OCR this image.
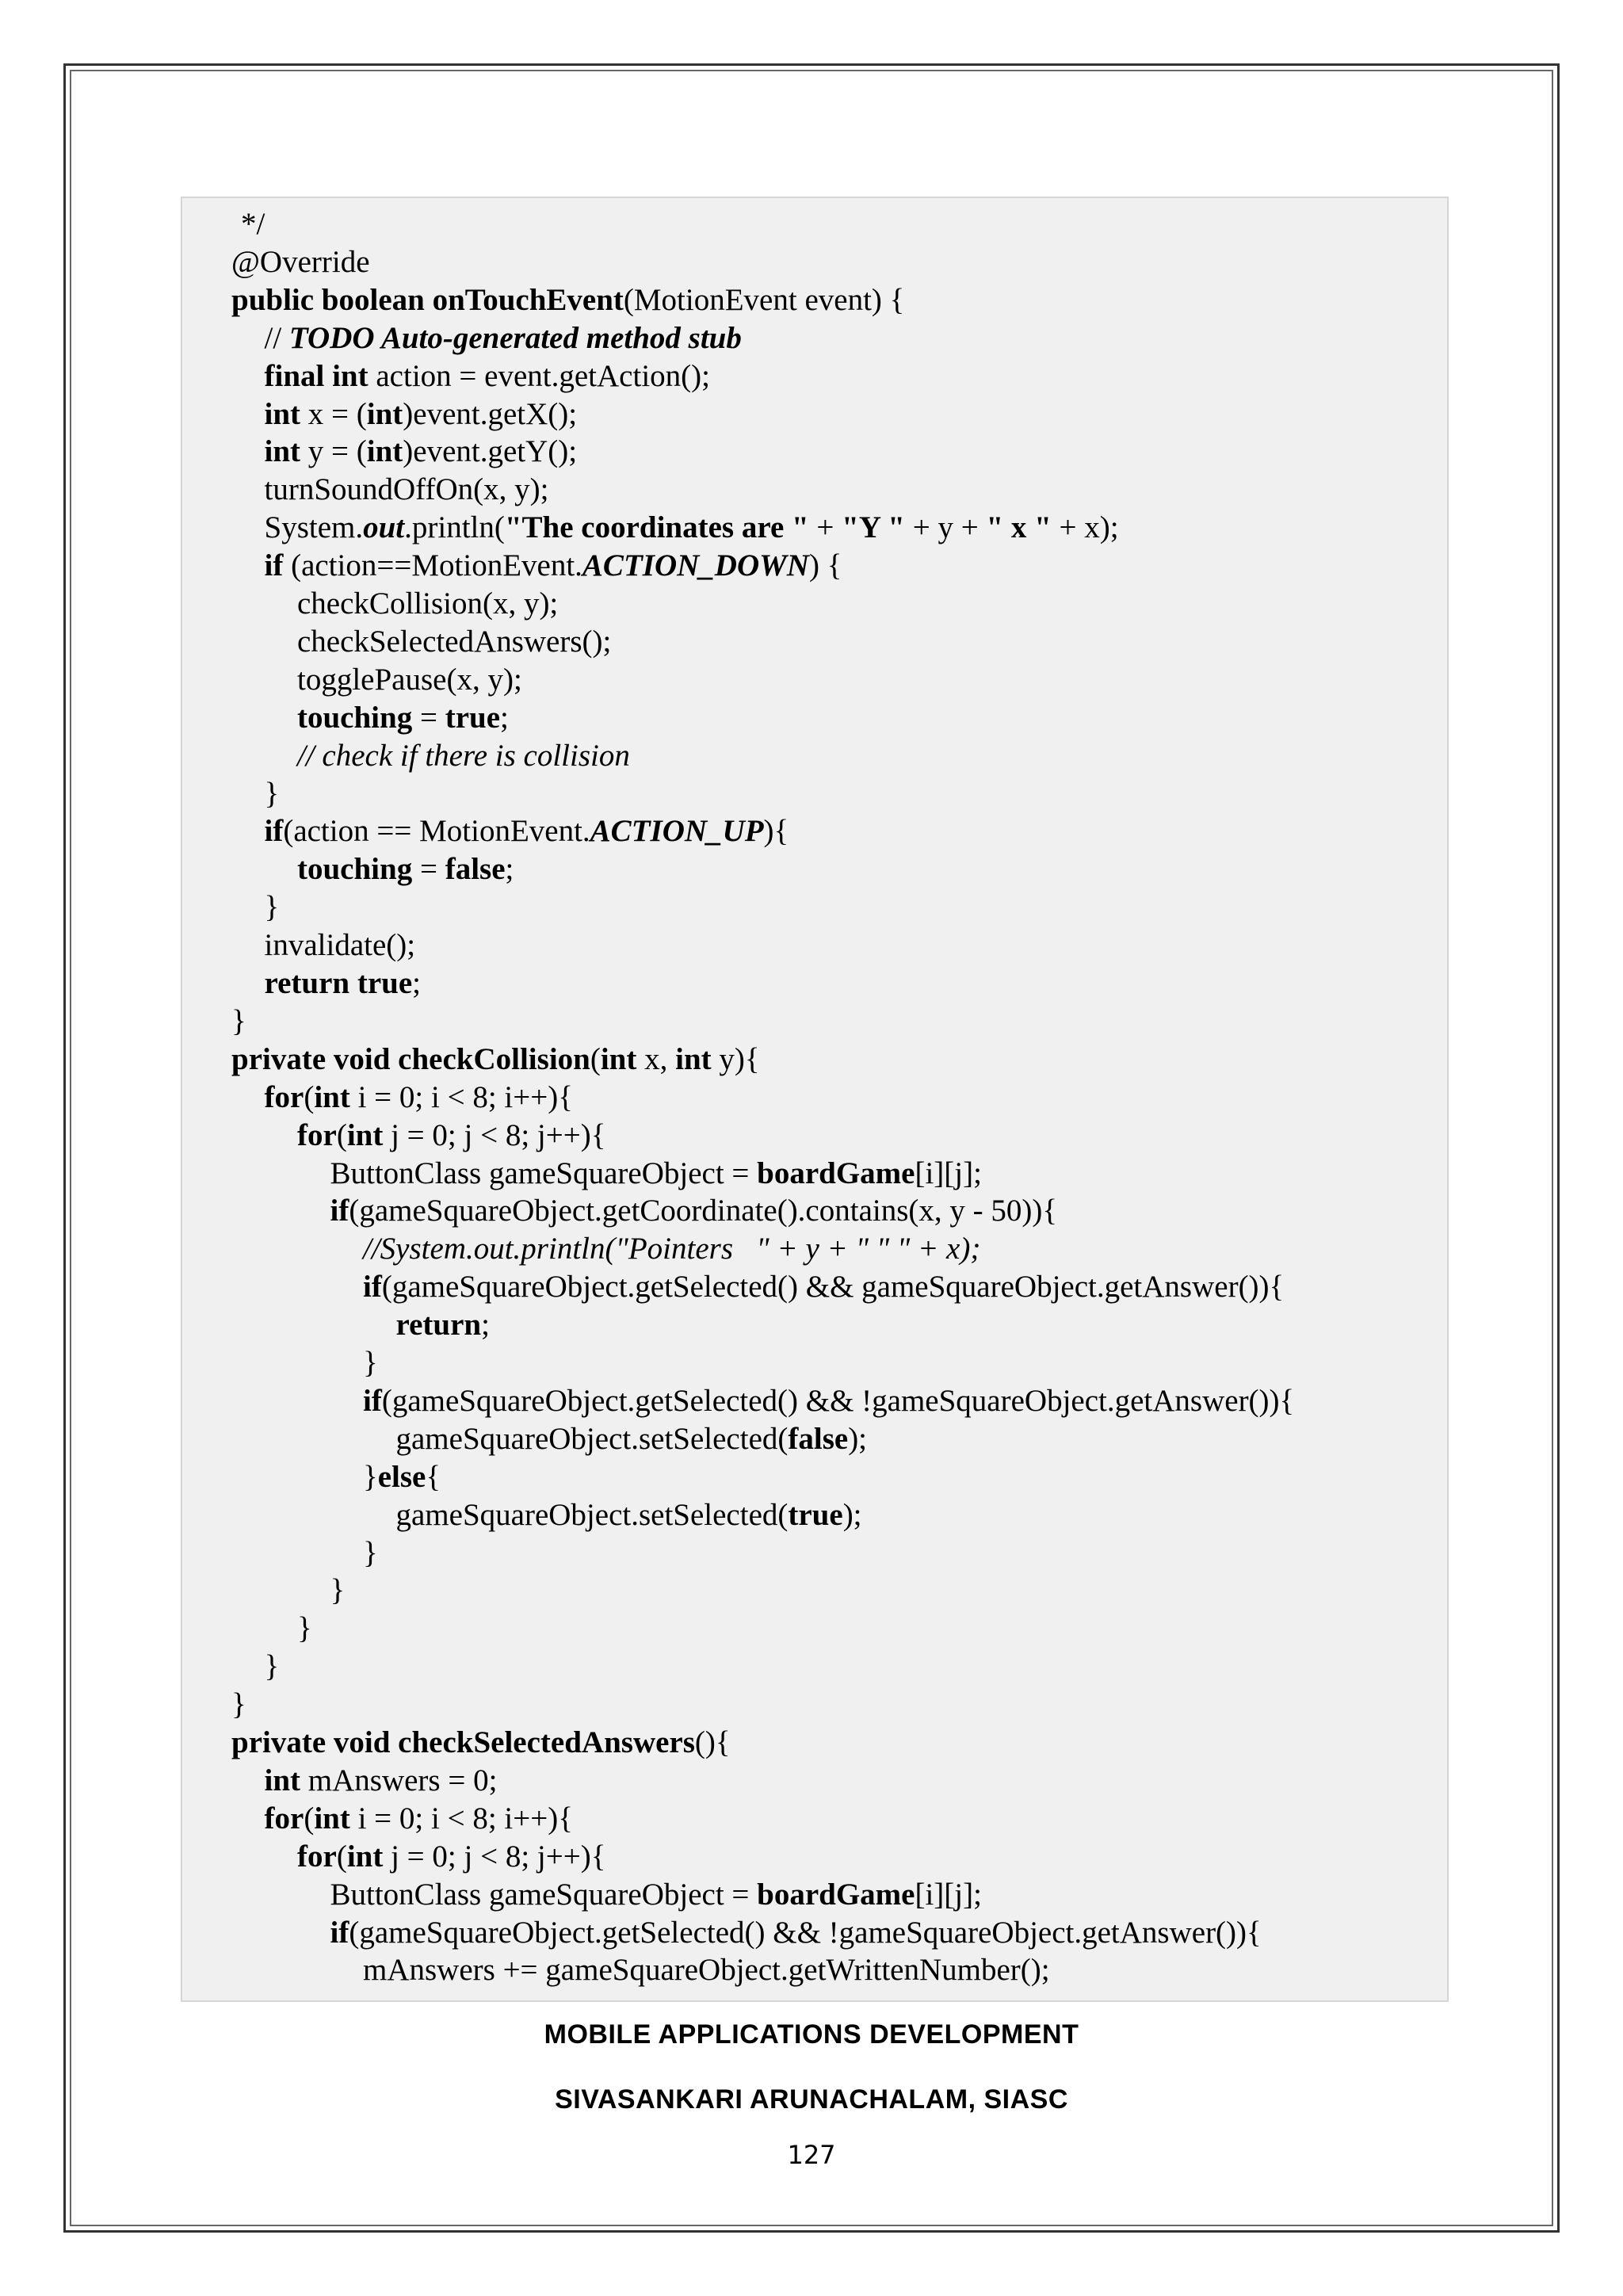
*/
@Override
public boolean onTouchEvent(MotionEvent event) {
// TODO Auto-generated method stub
final int action = event.getAction();
int x = (int)event.getX();
int y = (int)event.getY();
turnSoundOffOn(x, y);
System.out.println("The coordinates are " + "Y " + y + " x " + x);
if (action==MotionEvent.ACTION_DOWN) {
checkCollision(x, y);
checkSelectedAnswers();
togglePause(x, y);
touching = true;
// check if there is collision
}
if(action == MotionEvent.ACTION_UP){
touching = false;
}
invalidate();
return true;
}
private void checkCollision(int x, int y){
for(int i = 0; i < 8; i++){
for(int j = 0; j < 8; j++){
ButtonClass gameSquareObject = boardGame[i][j];
if(gameSquareObject.getCoordinate().contains(x, y - 50)){
//System.out.println("Pointers   " + y + " " " + x);
if(gameSquareObject.getSelected() && gameSquareObject.getAnswer()){
return;
}
if(gameSquareObject.getSelected() && !gameSquareObject.getAnswer()){
gameSquareObject.setSelected(false);
}else{
gameSquareObject.setSelected(true);
}
}
}
}
}
private void checkSelectedAnswers(){
int mAnswers = 0;
for(int i = 0; i < 8; i++){
for(int j = 0; j < 8; j++){
ButtonClass gameSquareObject = boardGame[i][j];
if(gameSquareObject.getSelected() && !gameSquareObject.getAnswer()){
mAnswers += gameSquareObject.getWrittenNumber();
MOBILE APPLICATIONS DEVELOPMENT
SIVASANKARI ARUNACHALAM, SIASC
127
